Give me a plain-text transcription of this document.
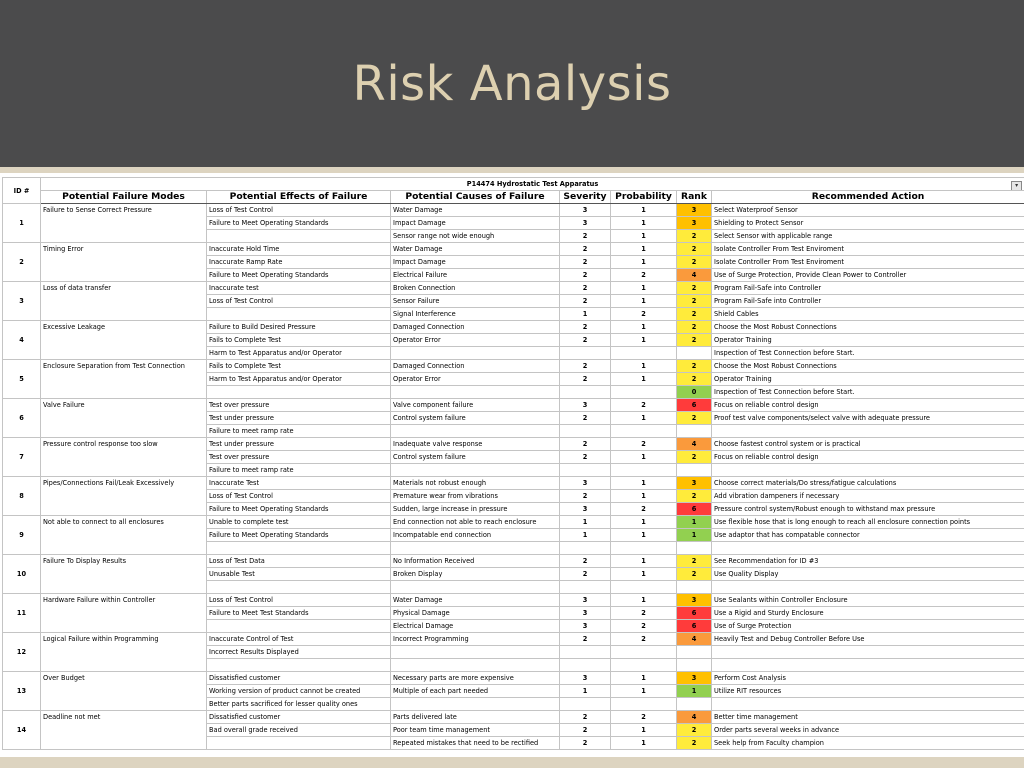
Risk Analysis
ID #	P14474 Hydrostatic Test Apparatus ▾						

	Potential Failure Modes	Potential Effects of Failure	Potential Causes of Failure	Severity	Probability	Rank	Recommended Action
1	Failure to Sense Correct Pressure	Loss of Test Control	Water Damage	3	1	3	Select Waterproof Sensor
		Failure to Meet Operating Standards	Impact Damage	3	1	3	Shielding to Protect Sensor
			Sensor range not wide enough	2	1	2	Select Sensor with applicable range
2	Timing Error	Inaccurate Hold Time	Water Damage	2	1	2	Isolate Controller From Test Enviroment
		Inaccurate Ramp Rate	Impact Damage	2	1	2	Isolate Controller From Test Enviroment
		Failure to Meet Operating Standards	Electrical Failure	2	2	4	Use of Surge Protection, Provide Clean Power to Controller
3	Loss of data transfer	Inaccurate test	Broken Connection	2	1	2	Program Fail-Safe into Controller
		Loss of Test Control	Sensor Failure	2	1	2	Program Fail-Safe into Controller
			Signal Interference	1	2	2	Shield Cables
4	Excessive Leakage	Failure to Build Desired Pressure	Damaged Connection	2	1	2	Choose the Most Robust Connections
		Fails to Complete Test	Operator Error	2	1	2	Operator Training
		Harm to Test Apparatus and/or Operator					Inspection of Test Connection before Start.
5	Enclosure Separation from Test Connection	Fails to Complete Test	Damaged Connection	2	1	2	Choose the Most Robust Connections
		Harm to Test Apparatus and/or Operator	Operator Error	2	1	2	Operator Training
						0	Inspection of Test Connection before Start.
6	Valve Failure	Test over pressure	Valve component failure	3	2	6	Focus on reliable control design
		Test under pressure	Control system failure	2	1	2	Proof test valve components/select valve with adequate pressure
		Failure to meet ramp rate					
7	Pressure control response too slow	Test under pressure	Inadequate valve response	2	2	4	Choose fastest control system or is practical
		Test over pressure	Control system failure	2	1	2	Focus on reliable control design
		Failure to meet ramp rate					
8	Pipes/Connections Fail/Leak Excessively	Inaccurate Test	Materials not robust enough	3	1	3	Choose correct materials/Do stress/fatigue calculations
		Loss of Test Control	Premature wear from vibrations	2	1	2	Add vibration dampeners if necessary
		Failure to Meet Operating Standards	Sudden, large increase in pressure	3	2	6	Pressure control system/Robust enough to withstand max pressure
9	Not able to connect to all enclosures	Unable to complete test	End connection not able to reach enclosure	1	1	1	Use flexible hose that is long enough to reach all enclosure connection points
		Failure to Meet Operating Standards	Incompatable end connection	1	1	1	Use adaptor that has compatable connector

10	Failure To Display Results	Loss of Test Data	No Information Received	2	1	2	See Recommendation for ID #3
		Unusable Test	Broken Display	2	1	2	Use Quality Display

11	Hardware Failure within Controller	Loss of Test Control	Water Damage	3	1	3	Use Sealants within Controller Enclosure
		Failure to Meet Test Standards	Physical Damage	3	2	6	Use a Rigid and Sturdy Enclosure
			Electrical Damage	3	2	6	Use of Surge Protection
12	Logical Failure within Programming	Inaccurate Control of Test	Incorrect Programming	2	2	4	Heavily Test and Debug Controller Before Use
		Incorrect Results Displayed					

13	Over Budget	Dissatisfied customer	Necessary parts are more expensive	3	1	3	Perform Cost Analysis
		Working version of product cannot be created	Multiple of each part needed	1	1	1	Utilize RIT resources
		Better parts sacrificed for lesser quality ones					
14	Deadline not met	Dissatisfied customer	Parts delivered late	2	2	4	Better time management
		Bad overall grade received	Poor team time management	2	1	2	Order parts several weeks in advance
			Repeated mistakes that need to be rectified	2	1	2	Seek help from Faculty champion
